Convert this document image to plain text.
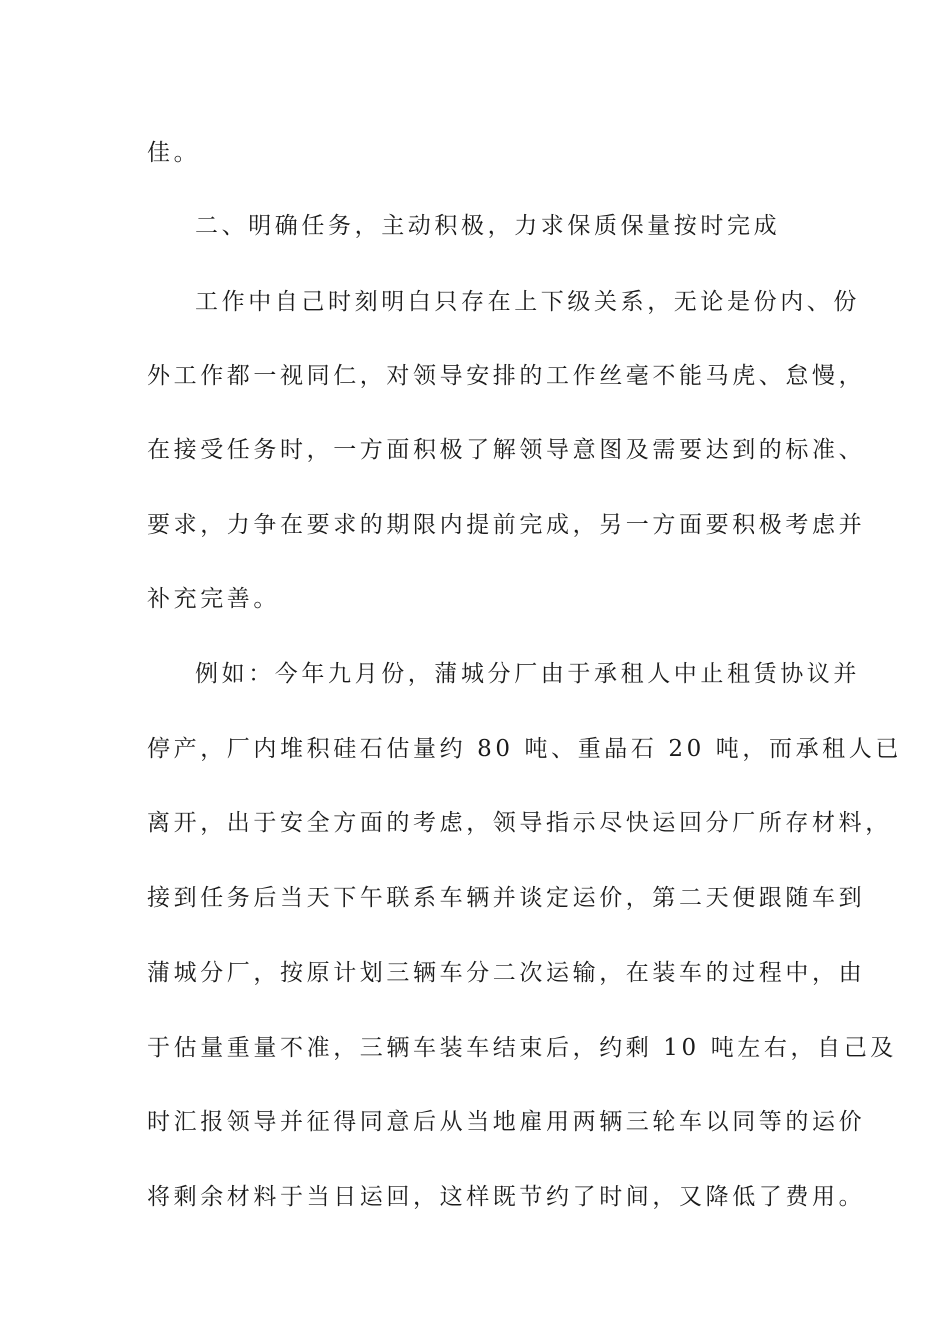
佳。
二、明确任务，主动积极，力求保质保量按时完成
工作中自己时刻明白只存在上下级关系，无论是份内、份
外工作都一视同仁，对领导安排的工作丝毫不能马虎、怠慢，
在接受任务时，一方面积极了解领导意图及需要达到的标准、
要求，力争在要求的期限内提前完成，另一方面要积极考虑并
补充完善。
例如：今年九月份，蒲城分厂由于承租人中止租赁协议并
停产，厂内堆积硅石估量约 80 吨、重晶石 20 吨，而承租人已
离开，出于安全方面的考虑，领导指示尽快运回分厂所存材料，
接到任务后当天下午联系车辆并谈定运价，第二天便跟随车到
蒲城分厂，按原计划三辆车分二次运输，在装车的过程中，由
于估量重量不准，三辆车装车结束后，约剩 10 吨左右，自己及
时汇报领导并征得同意后从当地雇用两辆三轮车以同等的运价
将剩余材料于当日运回，这样既节约了时间，又降低了费用。
